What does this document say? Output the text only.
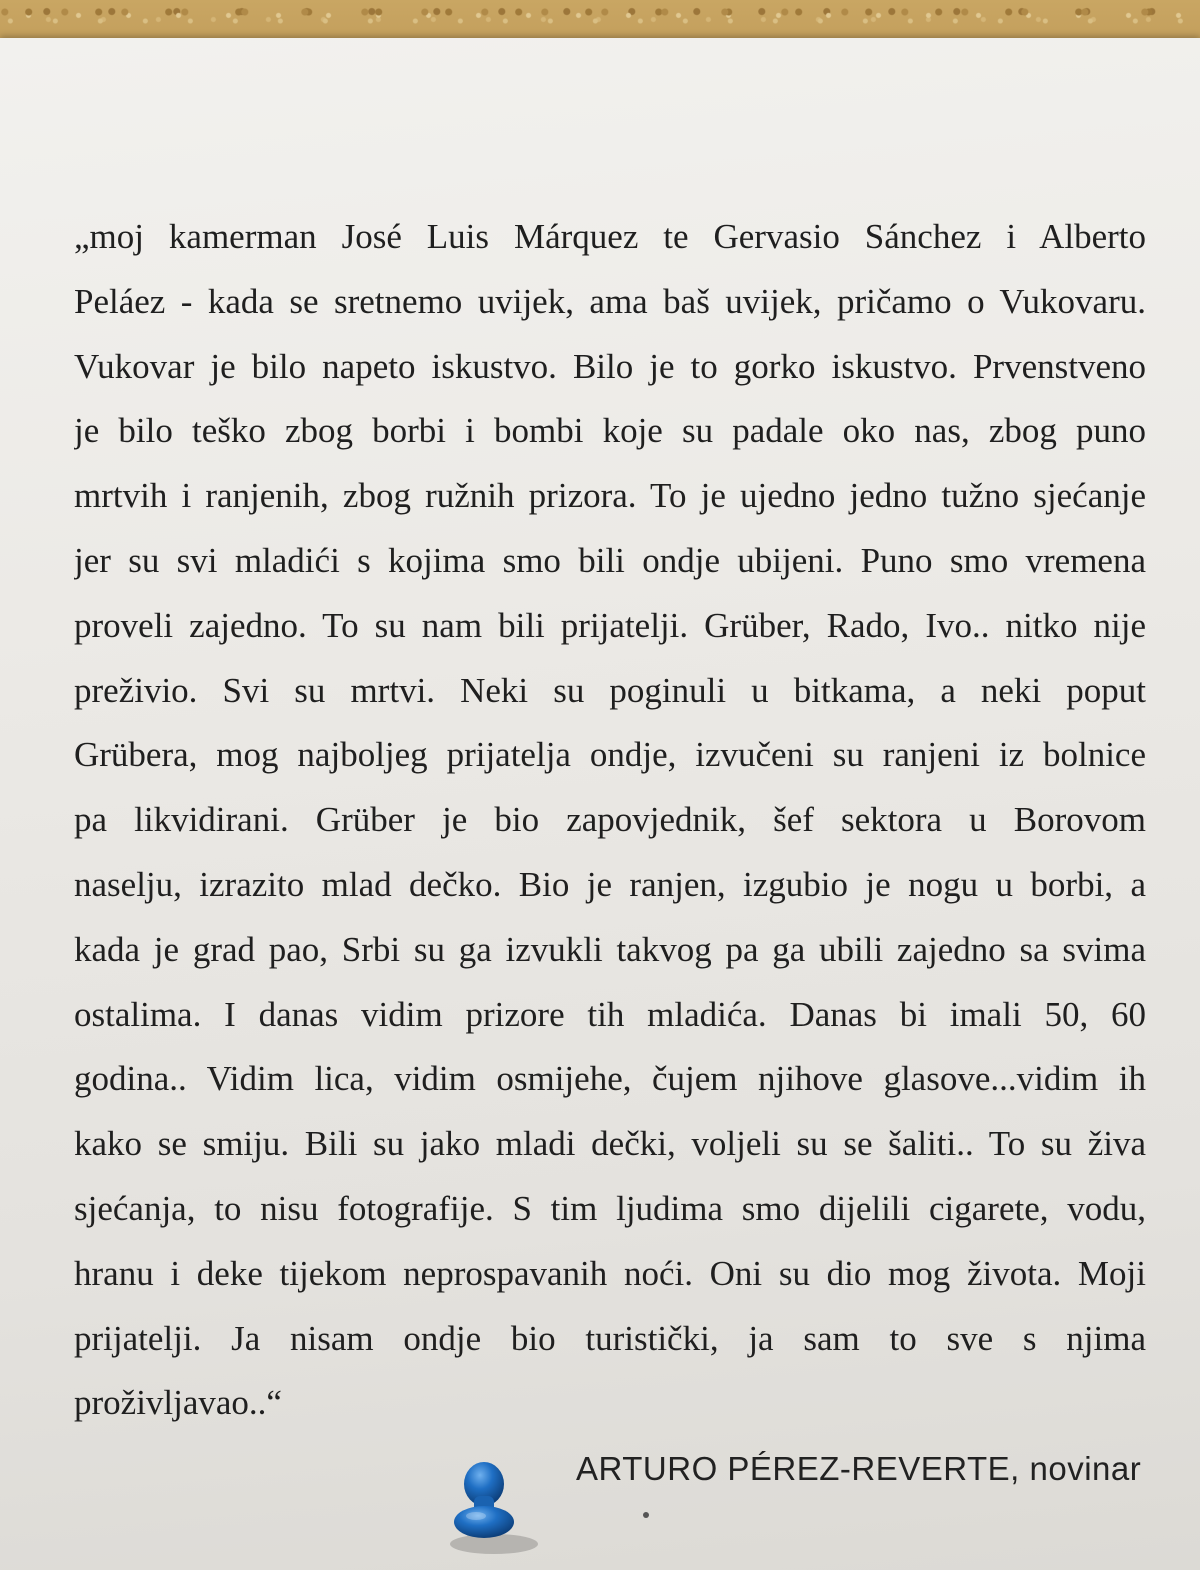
„moj kamerman José Luis Márquez te Gervasio Sánchez i Alberto
Peláez - kada se sretnemo uvijek, ama baš uvijek, pričamo o Vukovaru.
Vukovar je bilo napeto iskustvo. Bilo je to gorko iskustvo. Prvenstveno
je bilo teško zbog borbi i bombi koje su padale oko nas, zbog puno
mrtvih i ranjenih, zbog ružnih prizora. To je ujedno jedno tužno sjećanje
jer su svi mladići s kojima smo bili ondje ubijeni. Puno smo vremena
proveli zajedno. To su nam bili prijatelji. Grüber, Rado, Ivo.. nitko nije
preživio. Svi su mrtvi. Neki su poginuli u bitkama, a neki poput
Grübera, mog najboljeg prijatelja ondje, izvučeni su ranjeni iz bolnice
pa likvidirani. Grüber je bio zapovjednik, šef sektora u Borovom
naselju, izrazito mlad dečko. Bio je ranjen, izgubio je nogu u borbi, a
kada je grad pao, Srbi su ga izvukli takvog pa ga ubili zajedno sa svima
ostalima. I danas vidim prizore tih mladića. Danas bi imali 50, 60
godina.. Vidim lica, vidim osmijehe, čujem njihove glasove...vidim ih
kako se smiju. Bili su jako mladi dečki, voljeli su se šaliti.. To su živa
sjećanja, to nisu fotografije. S tim ljudima smo dijelili cigarete, vodu,
hranu i deke tijekom neprospavanih noći. Oni su dio mog života. Moji
prijatelji. Ja nisam ondje bio turistički, ja sam to sve s njima
proživljavao..“
ARTURO PÉREZ-REVERTE, novinar
